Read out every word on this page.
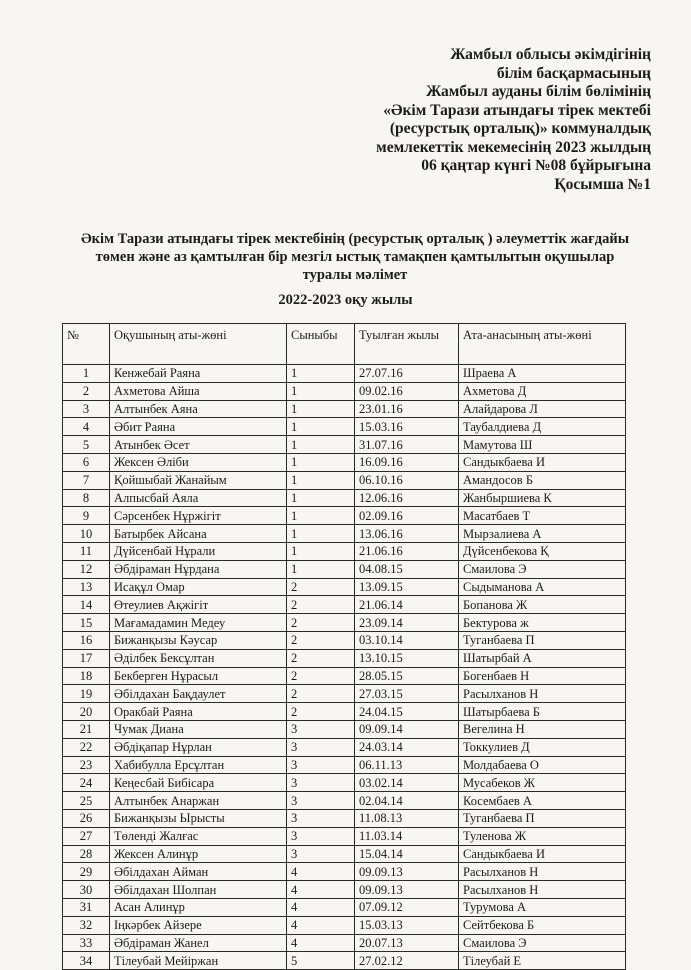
Жамбыл облысы әкімдігінің
білім басқармасының
Жамбыл ауданы білім бөлімінің
«Әкім Тарази атындағы тірек мектебі
(ресурстық орталық)» коммуналдық
мемлекеттік мекемесінің 2023 жылдың
06 қаңтар күнгі №08 бұйрығына
Қосымша №1
Әкім Тарази атындағы тірек мектебінің (ресурстық орталық ) әлеуметтік жағдайы
төмен және аз қамтылған бір мезгіл ыстық тамақпен қамтылытын оқушылар
туралы мәлімет
2022-2023 оқу жылы
№	Оқушының аты-жөні	Сыныбы	Туылған жылы	Ата-анасының аты-жөні
1	Кенжебай Раяна	1	27.07.16	Шраева А
2	Ахметова Айша	1	09.02.16	Ахметова Д
3	Алтынбек Аяна	1	23.01.16	Алайдарова Л
4	Әбит Раяна	1	15.03.16	Таубалдиева Д
5	Атынбек Әсет	1	31.07.16	Мамутова Ш
6	Жексен Әліби	1	16.09.16	Сандыкбаева И
7	Қойшыбай Жанайым	1	06.10.16	Амандосов Б
8	Алпысбай Аяла	1	12.06.16	Жанбыршиева К
9	Сәрсенбек Нұржігіт	1	02.09.16	Масатбаев Т
10	Батырбек Айсана	1	13.06.16	Мырзалиева А
11	Дүйсенбай Нұрали	1	21.06.16	Дүйсенбекова Қ
12	Әбдіраман Нұрдана	1	04.08.15	Смаилова Э
13	Исақұл Омар	2	13.09.15	Сыдыманова А
14	Өтеулиев Ақжігіт	2	21.06.14	Бопанова Ж
15	Мағамадамин Медеу	2	23.09.14	Бектурова ж
16	Бижанқызы Кәусар	2	03.10.14	Туганбаева П
17	Әділбек Бексұлтан	2	13.10.15	Шатырбай А
18	Бекберген Нұрасыл	2	28.05.15	Богенбаев Н
19	Әбілдахан Бақдаулет	2	27.03.15	Расылханов Н
20	Оракбай Раяна	2	24.04.15	Шатырбаева Б
21	Чумак Диана	3	09.09.14	Вегелина Н
22	Әбдіқапар Нұрлан	3	24.03.14	Токкулиев Д
23	Хабибулла Ерсұлтан	3	06.11.13	Молдабаева О
24	Кеңесбай Бибісара	3	03.02.14	Мусабеков Ж
25	Алтынбек Анаржан	3	02.04.14	Косембаев А
26	Бижанқызы Ырысты	3	11.08.13	Туганбаева П
27	Төленді Жалғас	3	11.03.14	Туленова Ж
28	Жексен Алинұр	3	15.04.14	Сандыкбаева И
29	Әбілдахан Айман	4	09.09.13	Расылханов Н
30	Әбілдахан Шолпан	4	09.09.13	Расылханов Н
31	Асан Алинұр	4	07.09.12	Турумова А
32	Іңкәрбек Айзере	4	15.03.13	Сейтбекова Б
33	Әбдіраман Жанел	4	20.07.13	Смаилова Э
34	Тілеубай Мейіржан	5	27.02.12	Тілеубай Е
